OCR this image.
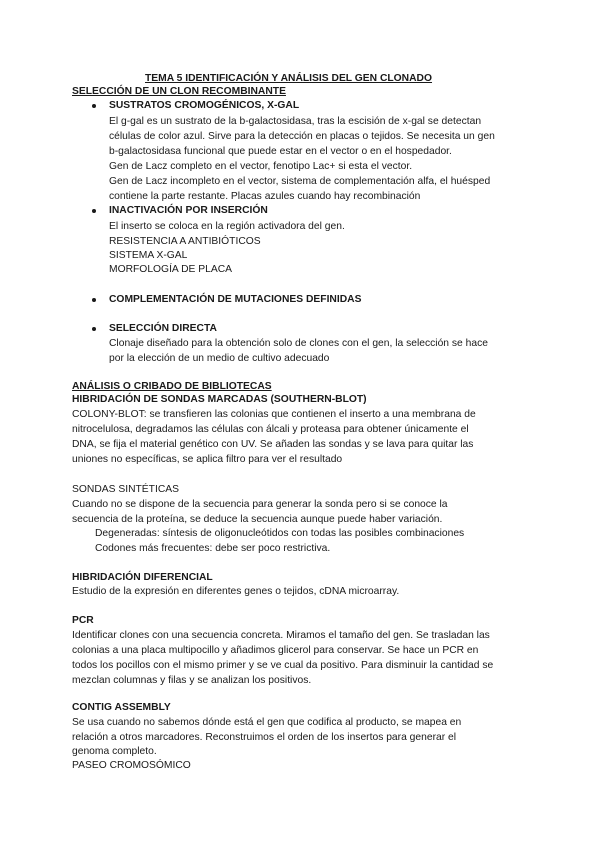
TEMA 5 IDENTIFICACIÓN Y ANÁLISIS DEL GEN CLONADO
SELECCIÓN DE UN CLON RECOMBINANTE
SUSTRATOS CROMOGÉNICOS, X-GAL
El g-gal es un sustrato de la b-galactosidasa, tras la escisión de x-gal se detectan
células de color azul. Sirve para la detección en placas o tejidos. Se necesita un gen
b-galactosidasa funcional que puede estar en el vector o en el hospedador.
Gen de Lacz completo en el vector, fenotipo Lac+ si esta el vector.
Gen de Lacz incompleto en el vector, sistema de complementación alfa, el huésped
contiene la parte restante. Placas azules cuando hay recombinación
INACTIVACIÓN POR INSERCIÓN
El inserto se coloca en la región activadora del gen.
RESISTENCIA A ANTIBIÓTICOS
SISTEMA X-GAL
MORFOLOGÍA DE PLACA
COMPLEMENTACIÓN DE MUTACIONES DEFINIDAS
SELECCIÓN DIRECTA
Clonaje diseñado para la obtención solo de clones con el gen, la selección se hace
por la elección de un medio de cultivo adecuado
ANÁLISIS O CRIBADO DE BIBLIOTECAS
HIBRIDACIÓN DE SONDAS MARCADAS (SOUTHERN-BLOT)
COLONY-BLOT: se transfieren las colonias que contienen el inserto a una membrana de
nitrocelulosa, degradamos las células con álcali y proteasa para obtener únicamente el
DNA, se fija el material genético con UV. Se añaden las sondas y se lava para quitar las
uniones no específicas, se aplica filtro para ver el resultado
SONDAS SINTÉTICAS
Cuando no se dispone de la secuencia para generar la sonda pero si se conoce la
secuencia de la proteína, se deduce la secuencia aunque puede haber variación.
Degeneradas: síntesis de oligonucleótidos con todas las posibles combinaciones
Codones más frecuentes: debe ser poco restrictiva.
HIBRIDACIÓN DIFERENCIAL
Estudio de la expresión en diferentes genes o tejidos, cDNA microarray.
PCR
Identificar clones con una secuencia concreta. Miramos el tamaño del gen. Se trasladan las
colonias a una placa multipocillo y añadimos glicerol para conservar. Se hace un PCR en
todos los pocillos con el mismo primer y se ve cual da positivo. Para disminuir la cantidad se
mezclan columnas y filas y se analizan los positivos.
CONTIG ASSEMBLY
Se usa cuando no sabemos dónde está el gen que codifica al producto, se mapea en
relación a otros marcadores. Reconstruimos el orden de los insertos para generar el
genoma completo.
PASEO CROMOSÓMICO
